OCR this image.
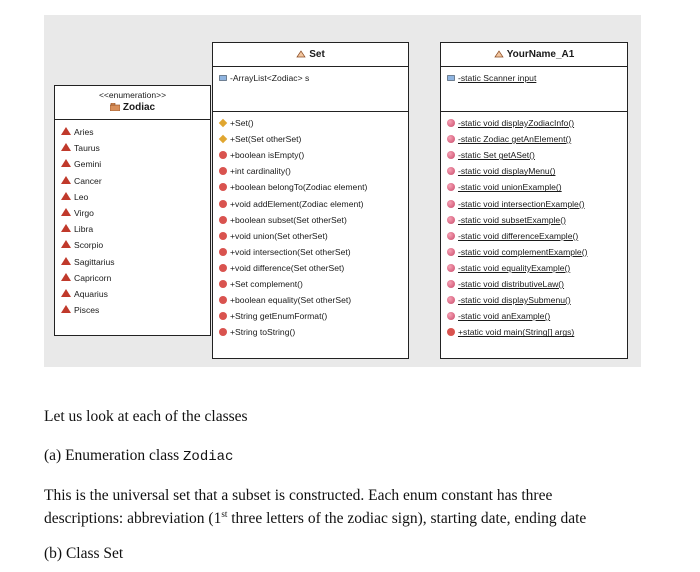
<<enumeration>>
Zodiac
Aries
Taurus
Gemini
Cancer
Leo
Virgo
Libra
Scorpio
Sagittarius
Capricorn
Aquarius
Pisces
Set
-ArrayList<Zodiac> s
+Set()
+Set(Set otherSet)
+boolean isEmpty()
+int cardinality()
+boolean belongTo(Zodiac element)
+void addElement(Zodiac element)
+boolean subset(Set otherSet)
+void union(Set otherSet)
+void intersection(Set otherSet)
+void difference(Set otherSet)
+Set complement()
+boolean equality(Set otherSet)
+String getEnumFormat()
+String toString()
YourName_A1
-static Scanner input
-static void displayZodiacInfo()
-static Zodiac getAnElement()
-static Set getASet()
-static void displayMenu()
-static void unionExample()
-static void intersectionExample()
-static void subsetExample()
-static void differenceExample()
-static void complementExample()
-static void equalityExample()
-static void distributiveLaw()
-static void displaySubmenu()
-static void anExample()
+static void main(String[] args)
Let us look at each of the classes
(a) Enumeration class Zodiac
This is the universal set that a subset is constructed. Each enum constant has three
descriptions: abbreviation (1st three letters of the zodiac sign), starting date, ending date
(b) Class Set
